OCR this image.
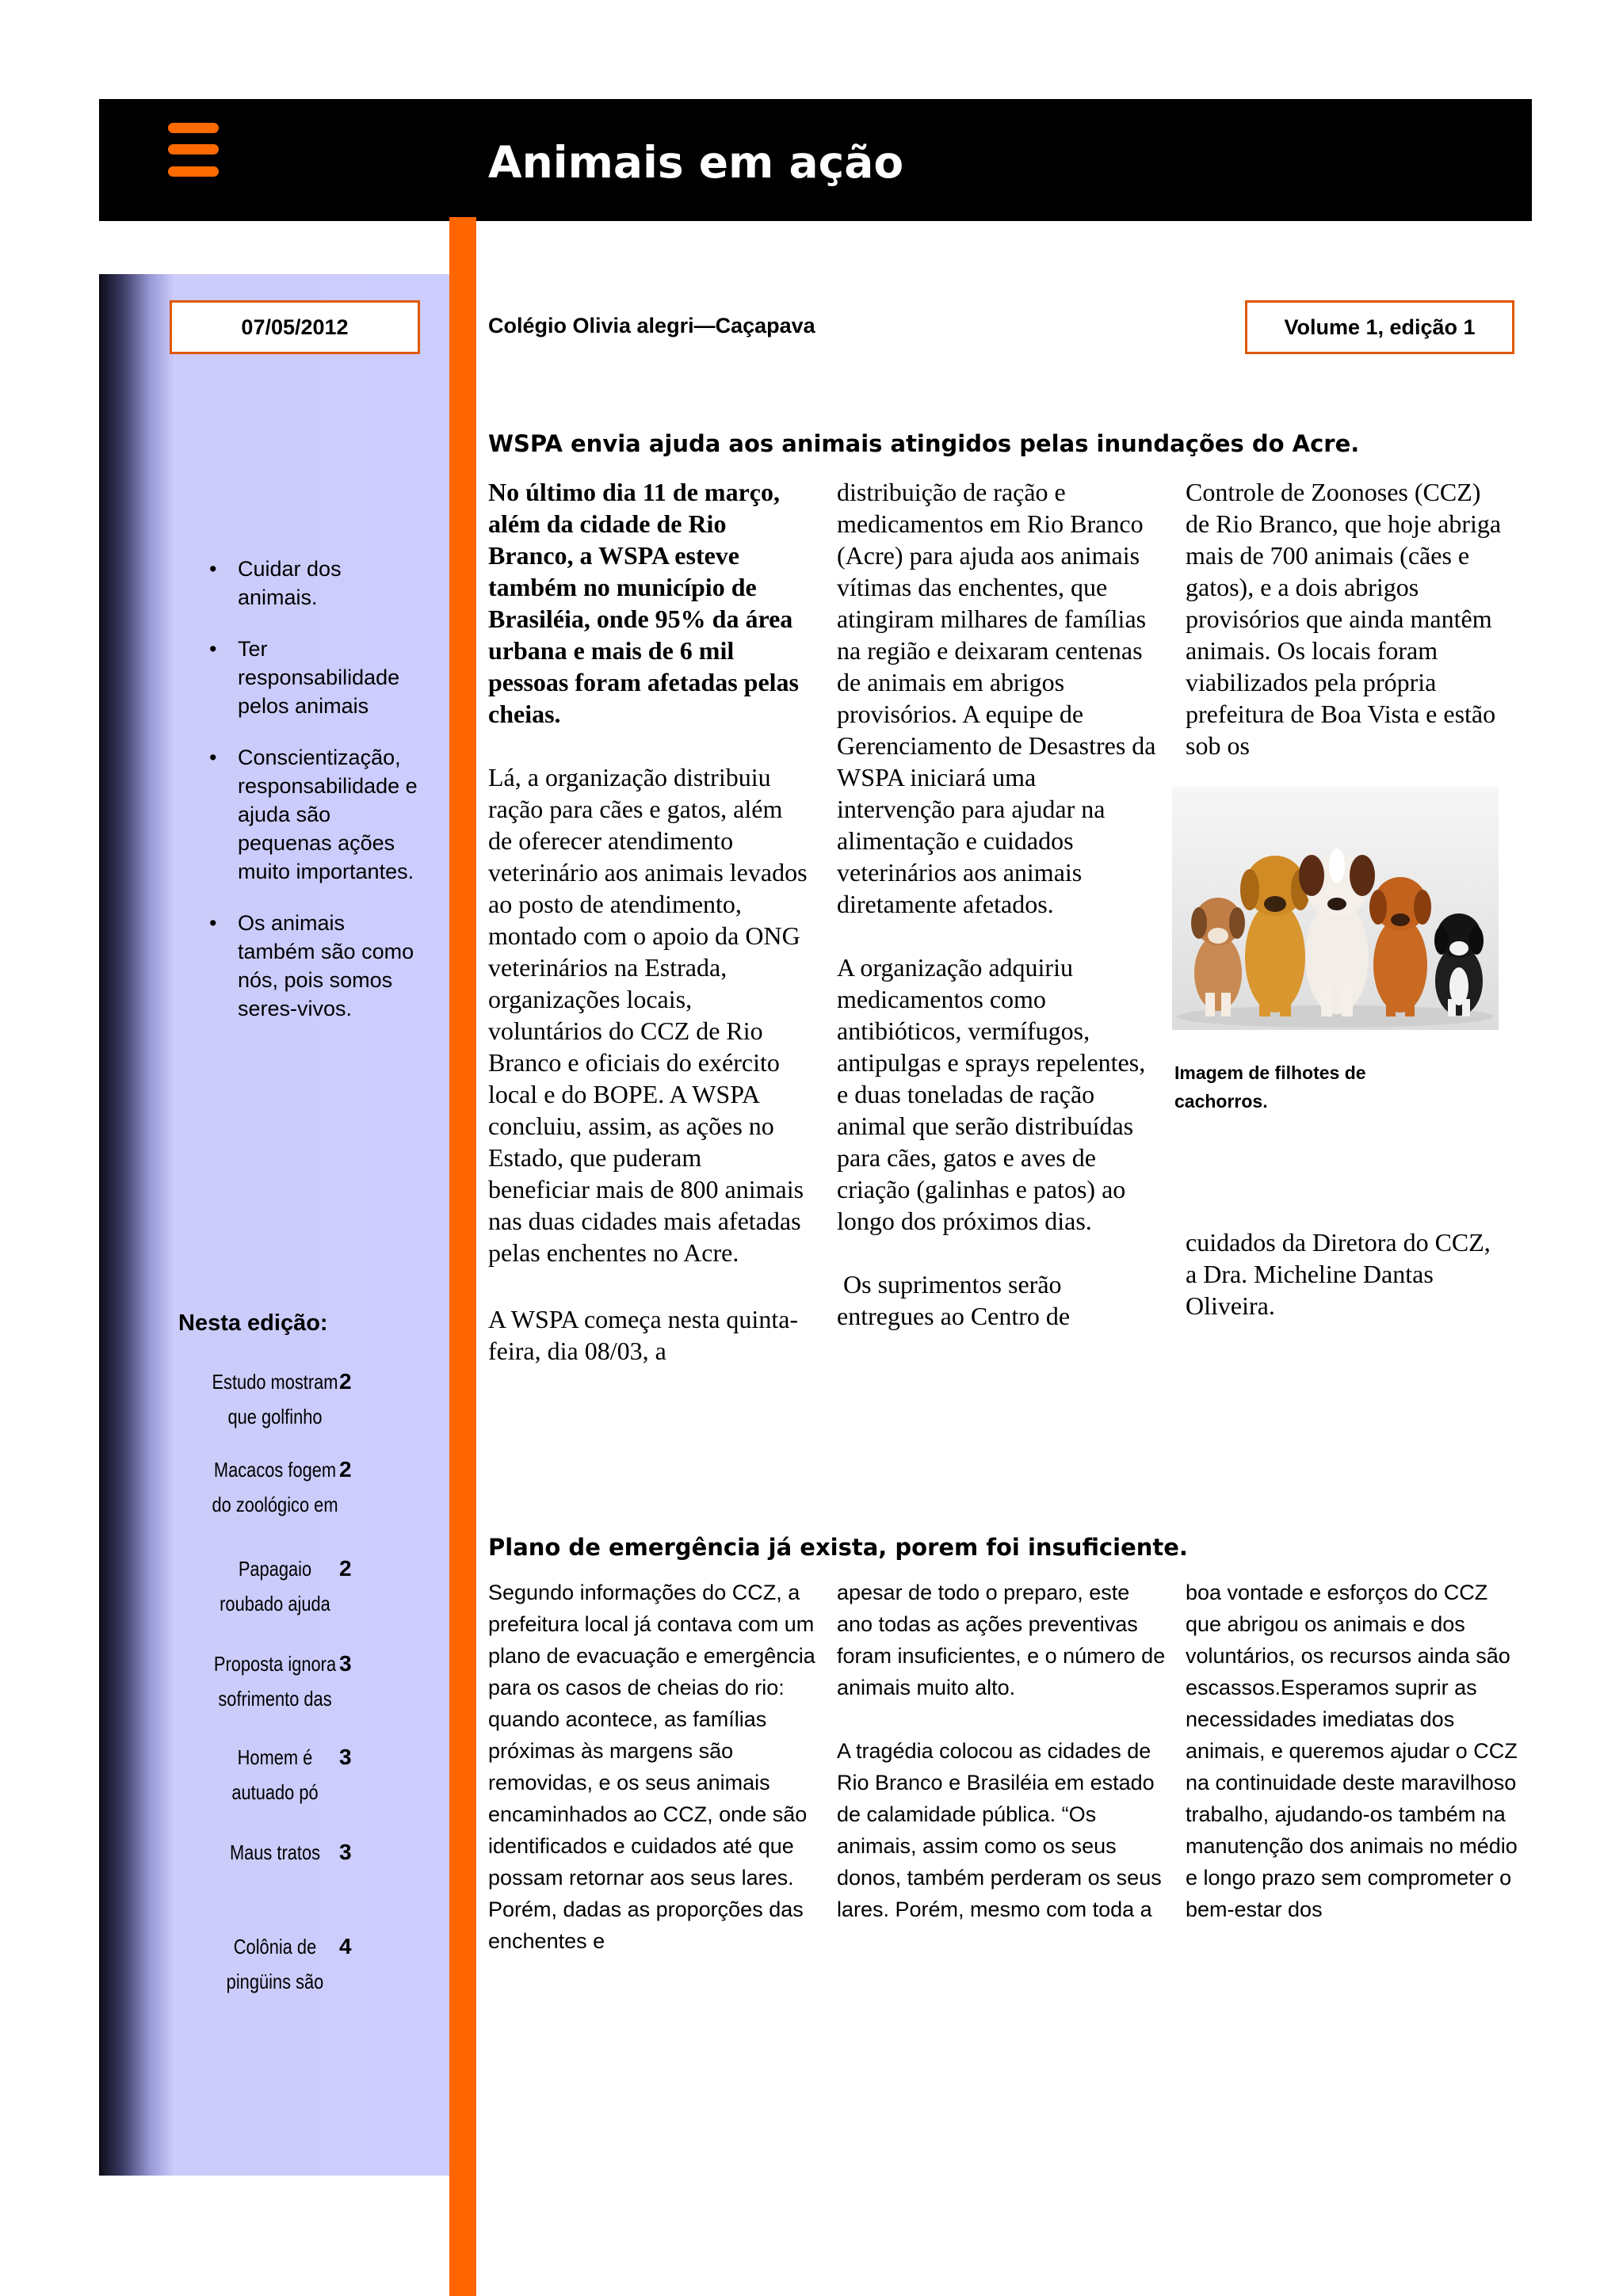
Animais em ação
07/05/2012	Colégio Olivia alegri—Caçapava	Volume 1, edição 1
• Cuidar dos animais.
• Ter responsabilidade pelos animais
• Conscientização, responsabilidade e ajuda são pequenas ações muito importantes.
• Os animais também são como nós, pois somos seres-vivos.
Nesta edição:
Estudo mostram que golfinho
2
Macacos fogem do zoológico em
2
Papagaio roubado ajuda
2
Proposta ignora sofrimento das
3
Homem é autuado pó
3
Maus tratos 3
Colônia de pingüins são
4
WSPA envia ajuda aos animais atingidos pelas inundações do Acre.

No último dia 11 de março, além da cidade de Rio Branco, a WSPA esteve também no município de Brasiléia, onde 95% da área urbana e mais de 6 mil pessoas foram afetadas pelas cheias.

Lá, a organização distribuiu ração para cães e gatos, além de oferecer atendimento veterinário aos animais levados ao posto de atendimento, montado com o apoio da ONG veterinários na Estrada, organizações locais, voluntários do CCZ de Rio Branco e oficiais do exército local e do BOPE. A WSPA concluiu, assim, as ações no Estado, que puderam beneficiar mais de 800 animais nas duas cidades mais afetadas pelas enchentes no Acre.

A WSPA começa nesta quinta-feira, dia 08/03, a

distribuição de ração e medicamentos em Rio Branco (Acre) para ajuda aos animais vítimas das enchentes, que atingiram milhares de famílias na região e deixaram centenas de animais em abrigos provisórios. A equipe de Gerenciamento de Desastres da WSPA iniciará uma intervenção para ajudar na alimentação e cuidados veterinários aos animais diretamente afetados.

A organização adquiriu medicamentos como antibióticos, vermífugos, antipulgas e sprays repelentes, e duas toneladas de ração animal que serão distribuídas para cães, gatos e aves de criação (galinhas e patos) ao longo dos próximos dias.

Os suprimentos serão entregues ao Centro de

Controle de Zoonoses (CCZ) de Rio Branco, que hoje abriga mais de 700 animais (cães e gatos), e a dois abrigos provisórios que ainda mantêm animais. Os locais foram viabilizados pela própria prefeitura de Boa Vista e estão sob os

Imagem de filhotes de cachorros.

cuidados da Diretora do CCZ, a Dra. Micheline Dantas Oliveira.

Plano de emergência já exista, porem foi insuficiente.

Segundo informações do CCZ, a prefeitura local já contava com um plano de evacuação e emergência para os casos de cheias do rio: quando acontece, as famílias próximas às margens são removidas, e os seus animais encaminhados ao CCZ, onde são identificados e cuidados até que possam retornar aos seus lares. Porém, dadas as proporções das enchentes e

apesar de todo o preparo, este ano todas as ações preventivas foram insuficientes, e o número de animais muito alto.

A tragédia colocou as cidades de Rio Branco e Brasiléia em estado de calamidade pública. “Os animais, assim como os seus donos, também perderam os seus lares. Porém, mesmo com toda a

boa vontade e esforços do CCZ que abrigou os animais e dos voluntários, os recursos ainda são escassos.Esperamos suprir as necessidades imediatas dos animais, e queremos ajudar o CCZ na continuidade deste maravilhoso trabalho, ajudando-os também na manutenção dos animais no médio e longo prazo sem comprometer o bem-estar dos
